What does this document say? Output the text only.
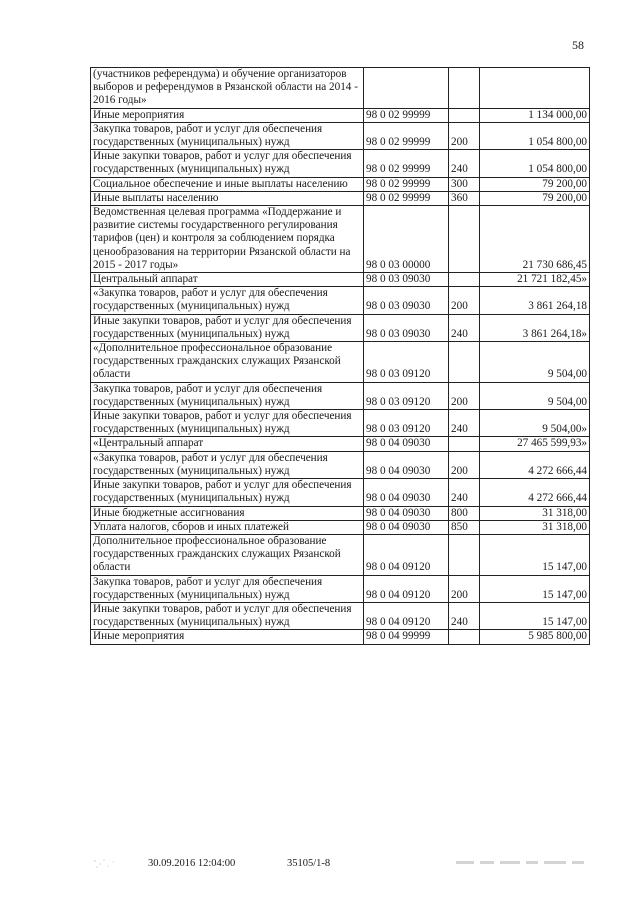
58
(участников референдума) и обучение организаторов выборов и референдумов в Рязанской области на 2014 - 2016 годы»			
Иные мероприятия	98 0 02 99999		1 134 000,00
Закупка товаров, работ и услуг для обеспечения государственных (муниципальных) нужд	98 0 02 99999	200	1 054 800,00
Иные закупки товаров, работ и услуг для обеспечения государственных (муниципальных) нужд	98 0 02 99999	240	1 054 800,00
Социальное обеспечение и иные выплаты населению	98 0 02 99999	300	79 200,00
Иные выплаты населению	98 0 02 99999	360	79 200,00
Ведомственная целевая программа «Поддержание и развитие системы государственного регулирования тарифов (цен) и контроля за соблюдением порядка ценообразования на территории Рязанской области на 2015 - 2017 годы»	98 0 03 00000		21 730 686,45
Центральный аппарат	98 0 03 09030		21 721 182,45»
«Закупка товаров, работ и услуг для обеспечения государственных (муниципальных) нужд	98 0 03 09030	200	3 861 264,18
Иные закупки товаров, работ и услуг для обеспечения государственных (муниципальных) нужд	98 0 03 09030	240	3 861 264,18»
«Дополнительное профессиональное образование государственных гражданских служащих Рязанской области	98 0 03 09120		9 504,00
Закупка товаров, работ и услуг для обеспечения государственных (муниципальных) нужд	98 0 03 09120	200	9 504,00
Иные закупки товаров, работ и услуг для обеспечения государственных (муниципальных) нужд	98 0 03 09120	240	9 504,00»
«Центральный аппарат	98 0 04 09030		27 465 599,93»
«Закупка товаров, работ и услуг для обеспечения государственных (муниципальных) нужд	98 0 04 09030	200	4 272 666,44
Иные закупки товаров, работ и услуг для обеспечения государственных (муниципальных) нужд	98 0 04 09030	240	4 272 666,44
Иные бюджетные ассигнования	98 0 04 09030	800	31 318,00
Уплата налогов, сборов и иных платежей	98 0 04 09030	850	31 318,00
Дополнительное профессиональное образование государственных гражданских служащих Рязанской области	98 0 04 09120		15 147,00
Закупка товаров, работ и услуг для обеспечения государственных (муниципальных) нужд	98 0 04 09120	200	15 147,00
Иные закупки товаров, работ и услуг для обеспечения государственных (муниципальных) нужд	98 0 04 09120	240	15 147,00
Иные мероприятия	98 0 04 99999		5 985 800,00
30.09.2016 12:04:00	35105/1-8
